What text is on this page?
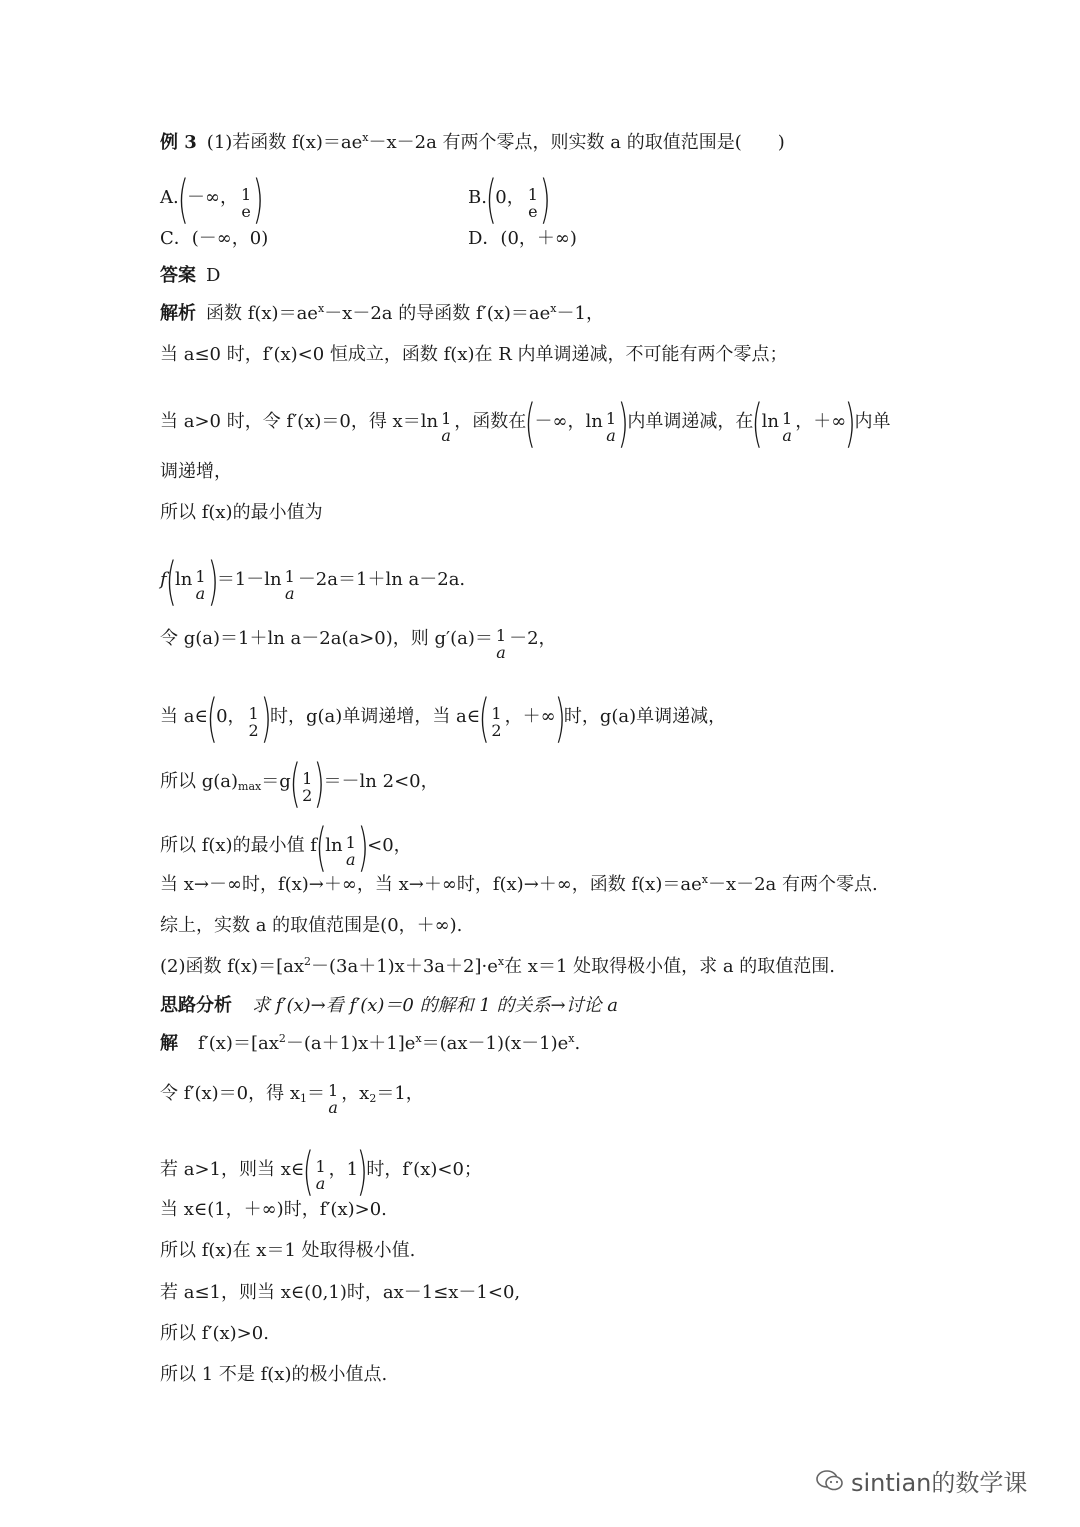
例 3 (1)若函数 $f(x)=ae^x-x-2a$ 有两个零点，则实数 a 的取值范围是(　　)
A.(－∞， 1
e )	B.(0， 1
e )
C．(－∞，0)	D．(0，＋∞)
答案 D
解析 函数 $f(x)=ae^x-x-2a$ 的导函数 $f'(x)=ae^x-1$，
当 a≤0 时，f′(x)<0 恒成立，函数 f(x)在 R 内单调递减，不可能有两个零点；
当 a>0 时，令 f′(x)＝0，得 x＝ln 1
a
，函数在(－∞，ln 1
a )内单调递减，在(ln 1
a
，＋∞)内单
调递增，
所以 f(x)的最小值为
f(ln 1
a )＝1－ln 1
a
－2a＝1＋ln a－2a.
令 g(a)＝1＋ln a－2a(a>0)，则 g′(a)＝ 1
a
－2，
当 a∈(0， 1
2 )时，g(a)单调递增，当 a∈( 1
2
，＋∞)时，g(a)单调递减，
所以 $g(a)_{max}=g$( 1
2 )＝－ln 2<0，
所以 f(x)的最小值 f(ln 1
a )<0，
当 x→－∞时，f(x)→＋∞，当 x→＋∞时，f(x)→＋∞，函数 $f(x)=ae^x-x-2a$ 有两个零点.
综上，实数 a 的取值范围是(0，＋∞).
(2)函数 $f(x)=[ax^2-(3a+1)x+3a+2]\cdot e^x$在 x＝1 处取得极小值，求 a 的取值范围.
思路分析 求 f′(x)→看 f′(x)＝0 的解和 1 的关系→讨论 a
解 $f'(x)=[ax^2-(a+1)x+1]e^x=(ax-1)(x-1)e^x$.
令 f′(x)＝0，得 $x_1= 1$
a
，$x_2=1$，
若 a>1，则当 x∈( 1
a
，1)时，f′(x)<0；
当 x∈(1，＋∞)时，f′(x)>0.
所以 f(x)在 x＝1 处取得极小值.
若 a≤1，则当 x∈(0,1)时，ax－1≤x－1<0,
所以 f′(x)>0.
所以 1 不是 f(x)的极小值点.
sintian的数学课
